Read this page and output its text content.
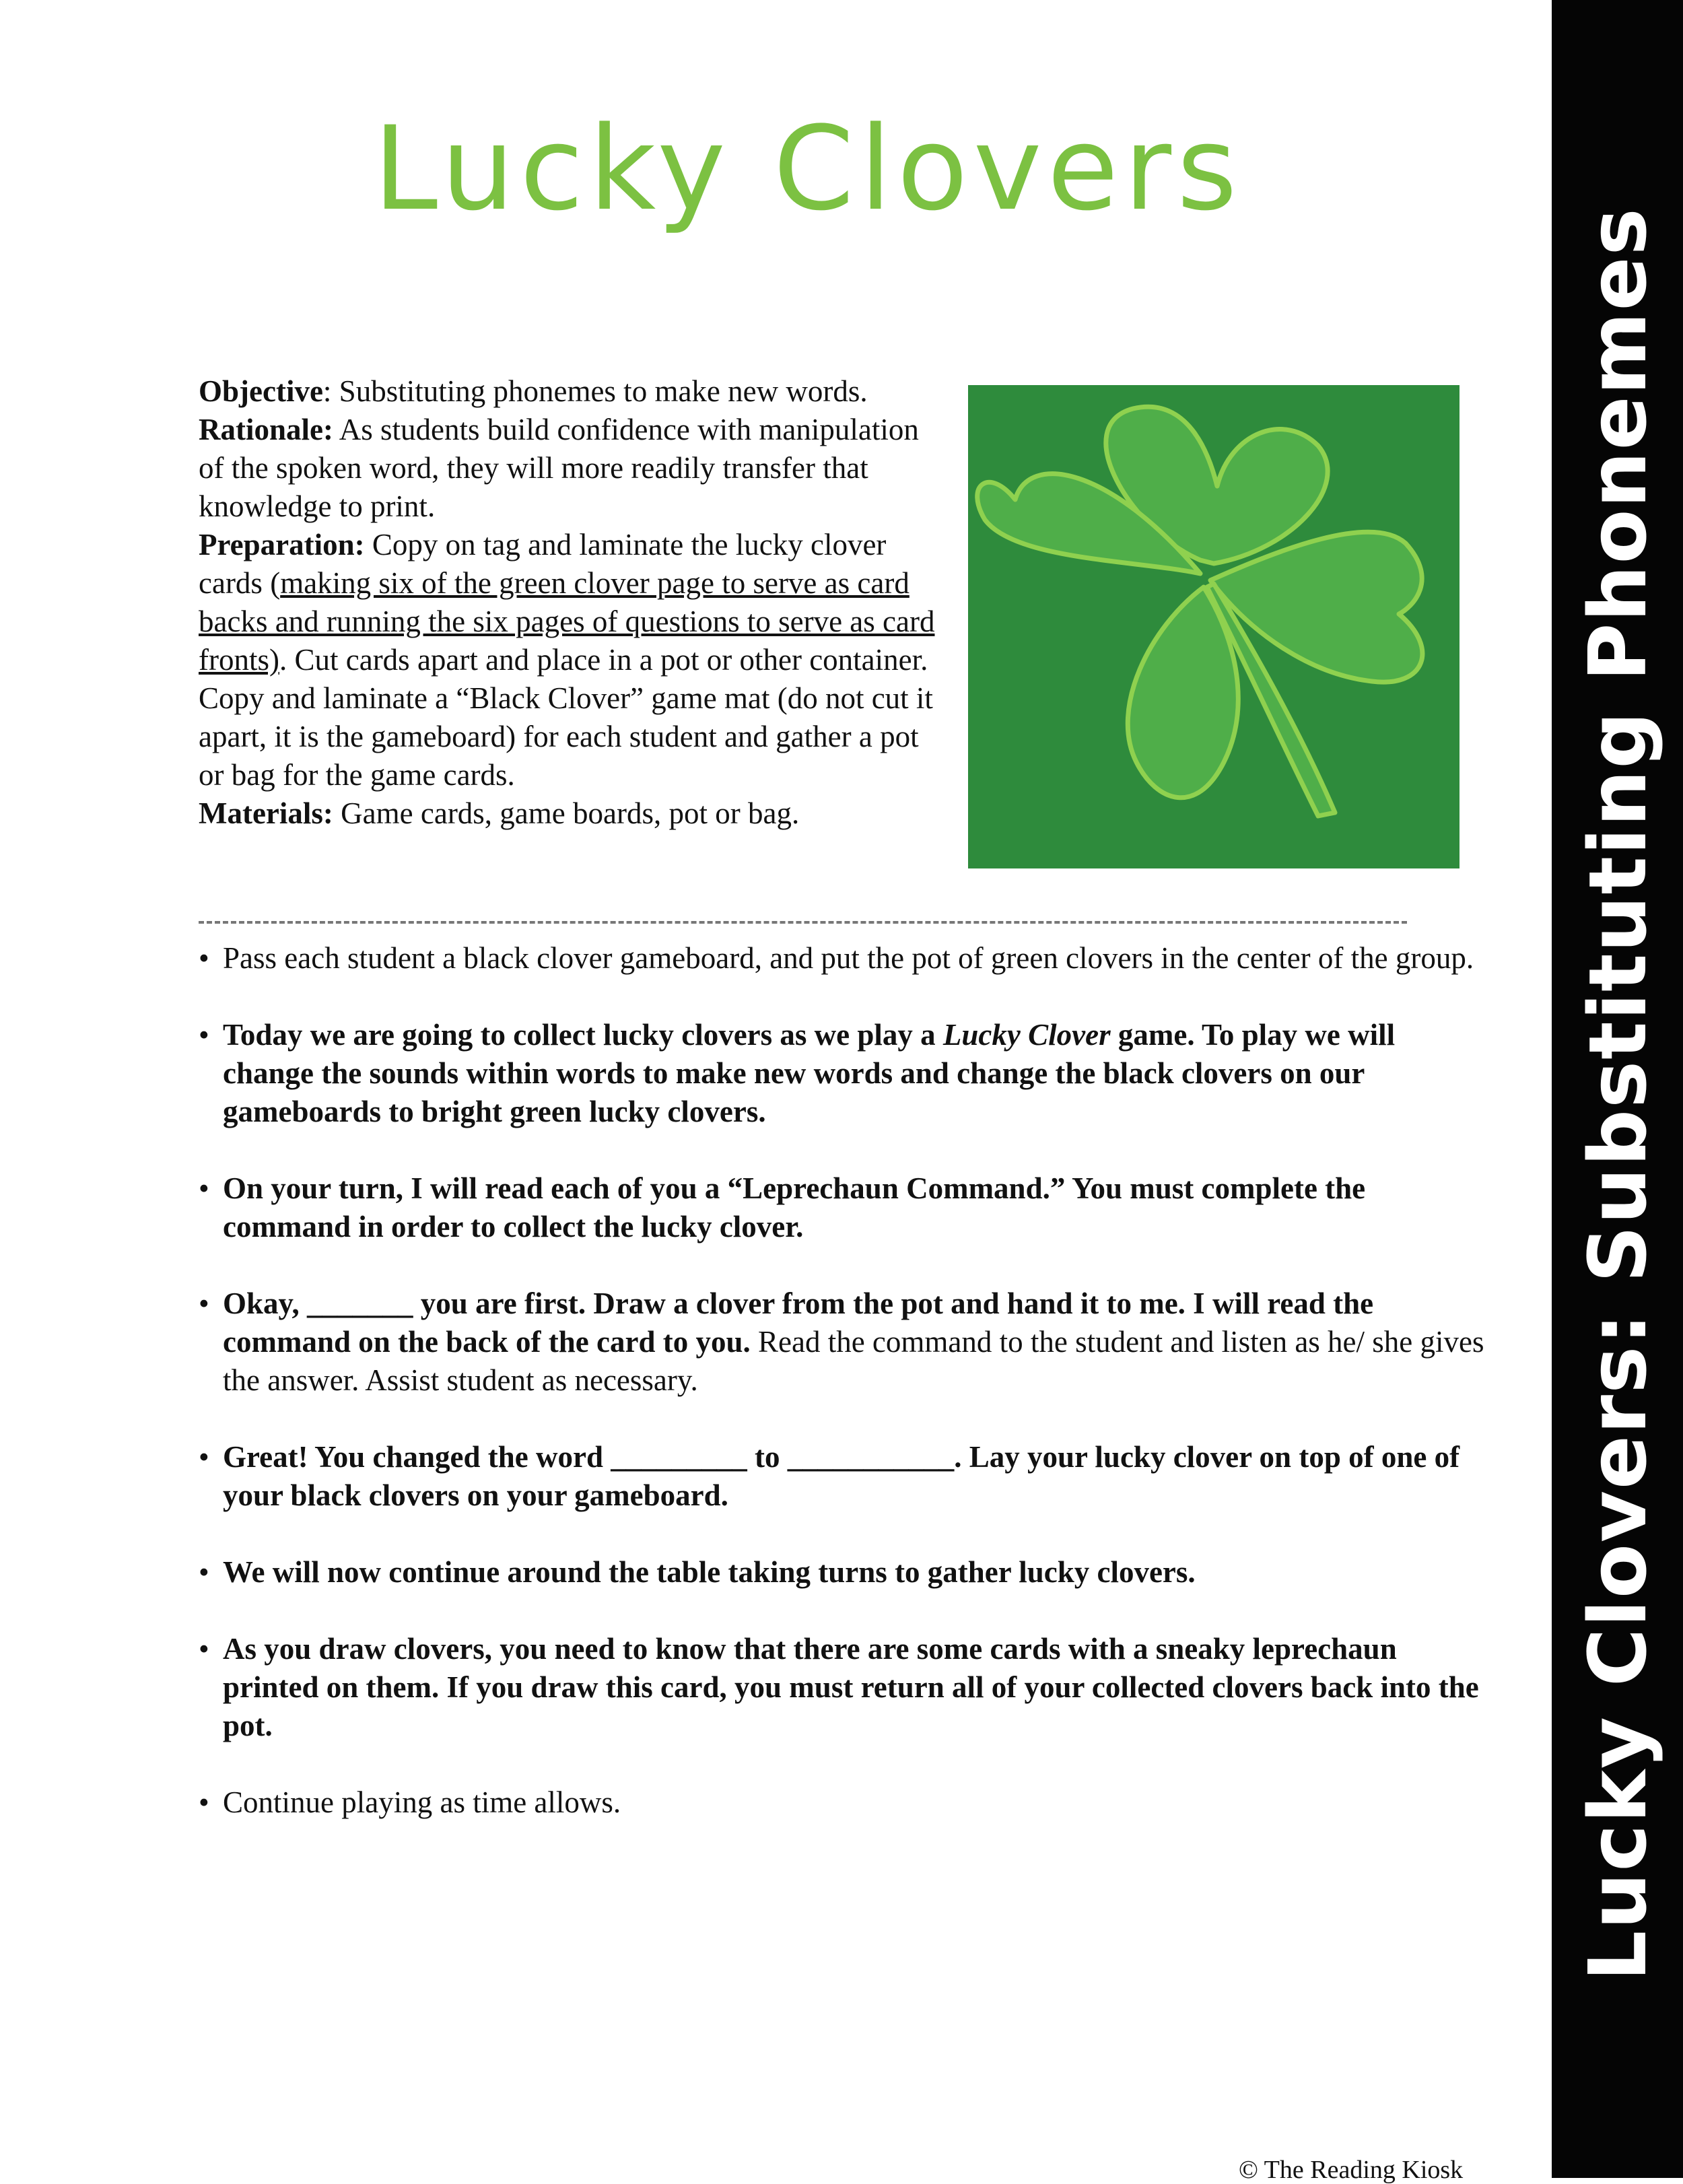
Lucky Clovers
Lucky Clovers: Substituting Phonemes
Objective: Substituting phonemes to make new words.
Rationale: As students build confidence with manipulation of the spoken word, they will more readily transfer that knowledge to print.
Preparation: Copy on tag and laminate the lucky clover cards (making six of the green clover page to serve as card backs and running the six pages of questions to serve as card fronts). Cut cards apart and place in a pot or other container. Copy and laminate a “Black Clover” game mat (do not cut it apart, it is the gameboard) for each student and gather a pot or bag for the game cards.
Materials: Game cards, game boards, pot or bag.
• Pass each student a black clover gameboard, and put the pot of green clovers in the center of the group.
• Today we are going to collect lucky clovers as we play a Lucky Clover game. To play we will change the sounds within words to make new words and change the black clovers on our gameboards to bright green lucky clovers.
• On your turn, I will read each of you a “Leprechaun Command.” You must complete the command in order to collect the lucky clover.
• Okay, _______ you are first. Draw a clover from the pot and hand it to me. I will read the command on the back of the card to you. Read the command to the student and listen as he/ she gives the answer. Assist student as necessary.
• Great! You changed the word _________ to ___________. Lay your lucky clover on top of one of your black clovers on your gameboard.
• We will now continue around the table taking turns to gather lucky clovers.
• As you draw clovers, you need to know that there are some cards with a sneaky leprechaun printed on them. If you draw this card, you must return all of your collected clovers back into the pot.
• Continue playing as time allows.
© The Reading Kiosk
